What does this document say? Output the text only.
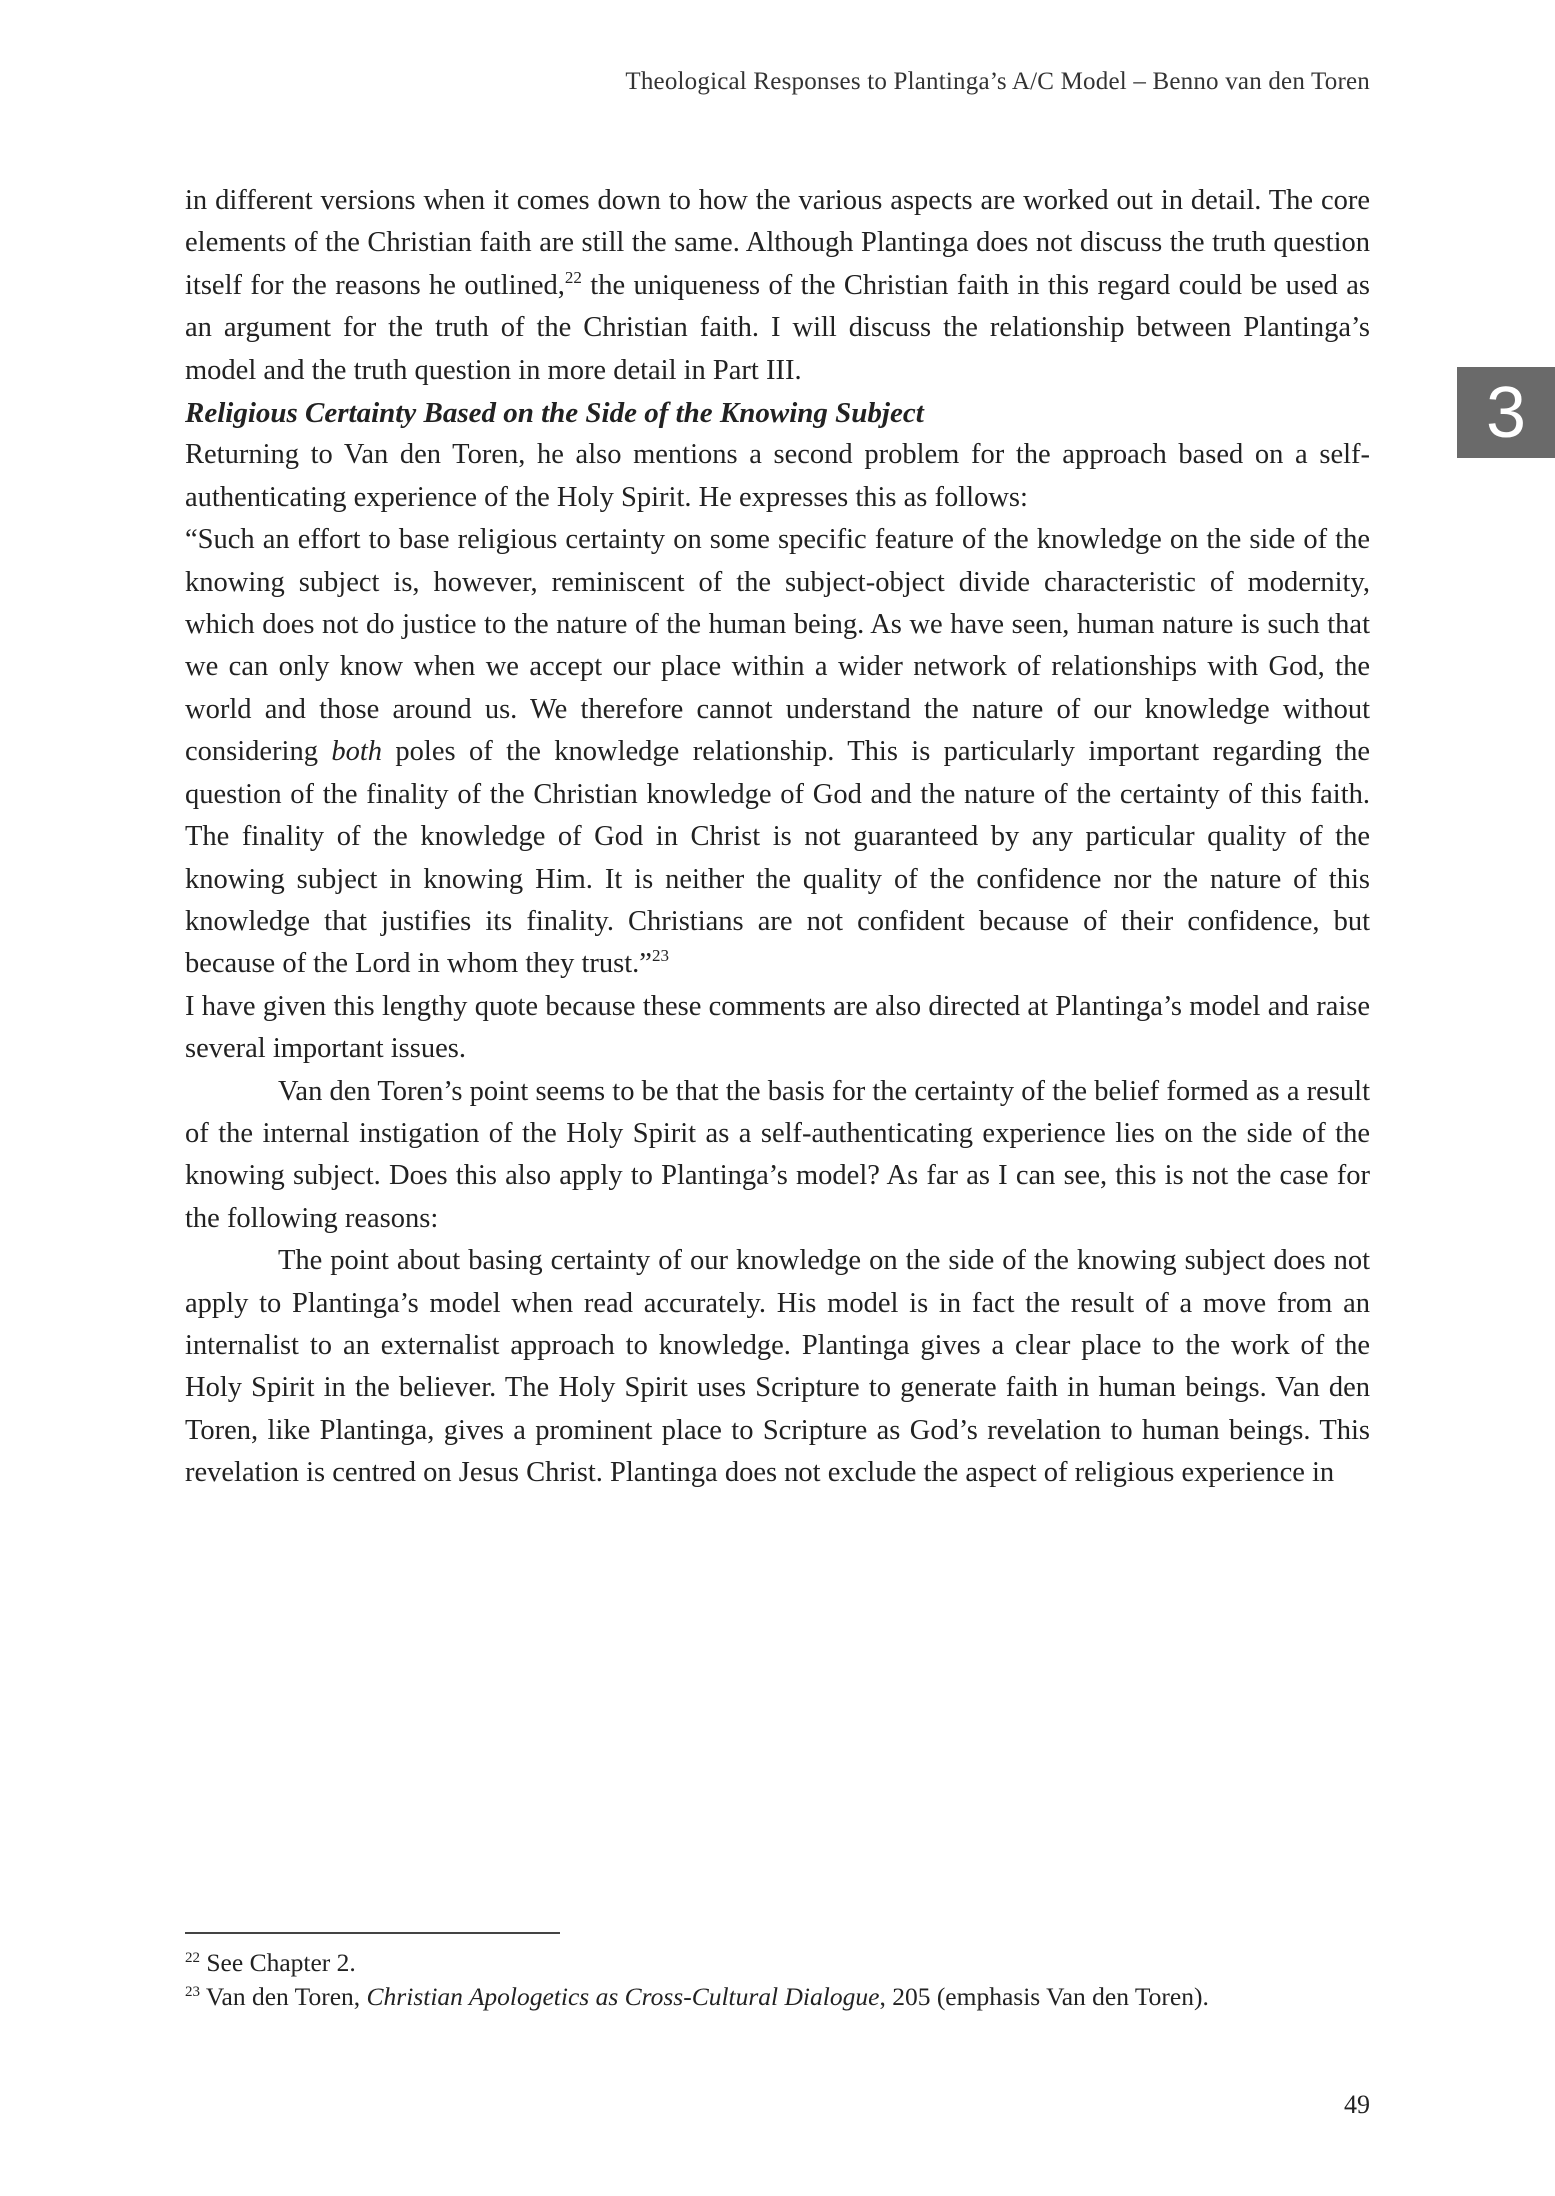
Theological Responses to Plantinga’s A/C Model – Benno van den Toren
3

in different versions when it comes down to how the various aspects are worked out in detail. The core elements of the Christian faith are still the same. Although Plantinga does not discuss the truth question itself for the reasons he outlined,$^{22}$ the uniqueness of the Christian faith in this regard could be used as an argument for the truth of the Christian faith. I will discuss the relationship between Plantinga’s model and the truth question in more detail in Part III.

Religious Certainty Based on the Side of the Knowing Subject

Returning to Van den Toren, he also mentions a second problem for the approach based on a self-authenticating experience of the Holy Spirit. He expresses this as follows:

“Such an effort to base religious certainty on some specific feature of the knowledge on the side of the knowing subject is, however, reminiscent of the subject-object divide characteristic of modernity, which does not do justice to the nature of the human being. As we have seen, human nature is such that we can only know when we accept our place within a wider network of relationships with God, the world and those around us. We therefore cannot understand the nature of our knowledge without considering both poles of the knowledge relationship. This is particularly important regarding the question of the finality of the Christian knowledge of God and the nature of the certainty of this faith. The finality of the knowledge of God in Christ is not guaranteed by any particular quality of the knowing subject in knowing Him. It is neither the quality of the confidence nor the nature of this knowledge that justifies its finality. Christians are not confident because of their confidence, but because of the Lord in whom they trust.”$^{23}$

I have given this lengthy quote because these comments are also directed at Plantinga’s model and raise several important issues.

Van den Toren’s point seems to be that the basis for the certainty of the belief formed as a result of the internal instigation of the Holy Spirit as a self-authenticating experience lies on the side of the knowing subject. Does this also apply to Plantinga’s model? As far as I can see, this is not the case for the following reasons:

The point about basing certainty of our knowledge on the side of the knowing subject does not apply to Plantinga’s model when read accurately. His model is in fact the result of a move from an internalist to an externalist approach to knowledge. Plantinga gives a clear place to the work of the Holy Spirit in the believer. The Holy Spirit uses Scripture to generate faith in human beings. Van den Toren, like Plantinga, gives a prominent place to Scripture as God’s revelation to human beings. This revelation is centred on Jesus Christ. Plantinga does not exclude the aspect of religious experience in

$^{22}$ See Chapter 2.
$^{23}$ Van den Toren, Christian Apologetics as Cross-Cultural Dialogue, 205 (emphasis Van den Toren).
49
